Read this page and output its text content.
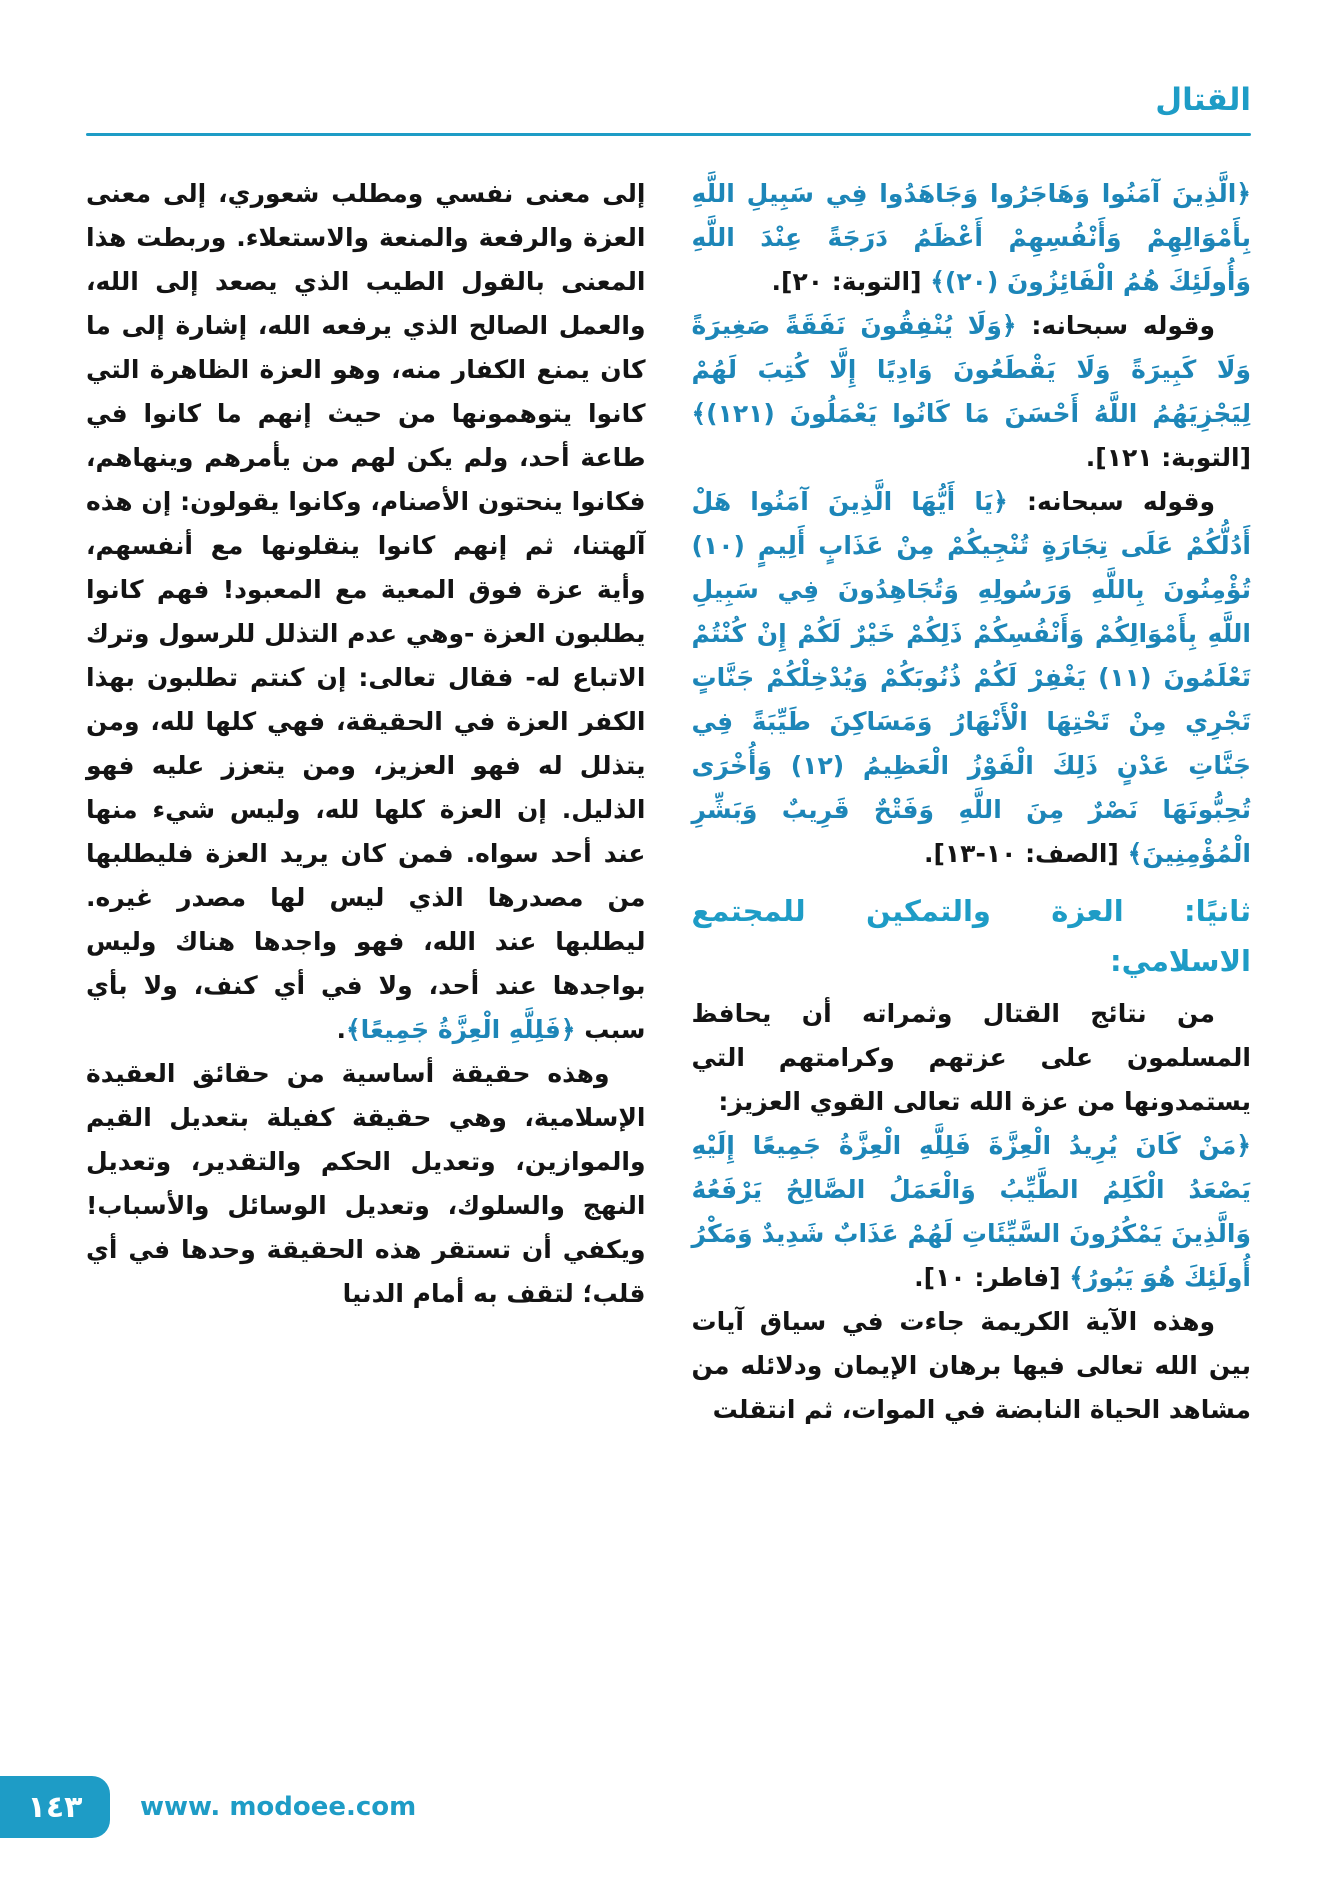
القتال

﴿الَّذِينَ آمَنُوا وَهَاجَرُوا وَجَاهَدُوا فِي سَبِيلِ اللَّهِ بِأَمْوَالِهِمْ وَأَنْفُسِهِمْ أَعْظَمُ دَرَجَةً عِنْدَ اللَّهِ وَأُولَئِكَ هُمُ الْفَائِزُونَ (٢٠)﴾ [التوبة: ٢٠].

وقوله سبحانه: ﴿وَلَا يُنْفِقُونَ نَفَقَةً صَغِيرَةً وَلَا كَبِيرَةً وَلَا يَقْطَعُونَ وَادِيًا إِلَّا كُتِبَ لَهُمْ لِيَجْزِيَهُمُ اللَّهُ أَحْسَنَ مَا كَانُوا يَعْمَلُونَ (١٢١)﴾ [التوبة: ١٢١].

وقوله سبحانه: ﴿يَا أَيُّهَا الَّذِينَ آمَنُوا هَلْ أَدُلُّكُمْ عَلَى تِجَارَةٍ تُنْجِيكُمْ مِنْ عَذَابٍ أَلِيمٍ (١٠) تُؤْمِنُونَ بِاللَّهِ وَرَسُولِهِ وَتُجَاهِدُونَ فِي سَبِيلِ اللَّهِ بِأَمْوَالِكُمْ وَأَنْفُسِكُمْ ذَلِكُمْ خَيْرٌ لَكُمْ إِنْ كُنْتُمْ تَعْلَمُونَ (١١) يَغْفِرْ لَكُمْ ذُنُوبَكُمْ وَيُدْخِلْكُمْ جَنَّاتٍ تَجْرِي مِنْ تَحْتِهَا الْأَنْهَارُ وَمَسَاكِنَ طَيِّبَةً فِي جَنَّاتِ عَدْنٍ ذَلِكَ الْفَوْزُ الْعَظِيمُ (١٢) وَأُخْرَى تُحِبُّونَهَا نَصْرٌ مِنَ اللَّهِ وَفَتْحٌ قَرِيبٌ وَبَشِّرِ الْمُؤْمِنِينَ﴾ [الصف: ١٠-١٣].

ثانيًا: العزة والتمكين للمجتمع الاسلامي:

من نتائج القتال وثمراته أن يحافظ المسلمون على عزتهم وكرامتهم التي يستمدونها من عزة الله تعالى القوي العزيز:

﴿مَنْ كَانَ يُرِيدُ الْعِزَّةَ فَلِلَّهِ الْعِزَّةُ جَمِيعًا إِلَيْهِ يَصْعَدُ الْكَلِمُ الطَّيِّبُ وَالْعَمَلُ الصَّالِحُ يَرْفَعُهُ وَالَّذِينَ يَمْكُرُونَ السَّيِّئَاتِ لَهُمْ عَذَابٌ شَدِيدٌ وَمَكْرُ أُولَئِكَ هُوَ يَبُورُ﴾ [فاطر: ١٠].

وهذه الآية الكريمة جاءت في سياق آيات بين الله تعالى فيها برهان الإيمان ودلائله من مشاهد الحياة النابضة في الموات، ثم انتقلت

إلى معنى نفسي ومطلب شعوري، إلى معنى العزة والرفعة والمنعة والاستعلاء. وربطت هذا المعنى بالقول الطيب الذي يصعد إلى الله، والعمل الصالح الذي يرفعه الله، إشارة إلى ما كان يمنع الكفار منه، وهو العزة الظاهرة التي كانوا يتوهمونها من حيث إنهم ما كانوا في طاعة أحد، ولم يكن لهم من يأمرهم وينهاهم، فكانوا ينحتون الأصنام، وكانوا يقولون: إن هذه آلهتنا، ثم إنهم كانوا ينقلونها مع أنفسهم، وأية عزة فوق المعية مع المعبود! فهم كانوا يطلبون العزة -وهي عدم التذلل للرسول وترك الاتباع له- فقال تعالى: إن كنتم تطلبون بهذا الكفر العزة في الحقيقة، فهي كلها لله، ومن يتذلل له فهو العزيز، ومن يتعزز عليه فهو الذليل. إن العزة كلها لله، وليس شيء منها عند أحد سواه. فمن كان يريد العزة فليطلبها من مصدرها الذي ليس لها مصدر غيره. ليطلبها عند الله، فهو واجدها هناك وليس بواجدها عند أحد، ولا في أي كنف، ولا بأي سبب ﴿فَلِلَّهِ الْعِزَّةُ جَمِيعًا﴾.

وهذه حقيقة أساسية من حقائق العقيدة الإسلامية، وهي حقيقة كفيلة بتعديل القيم والموازين، وتعديل الحكم والتقدير، وتعديل النهج والسلوك، وتعديل الوسائل والأسباب! ويكفي أن تستقر هذه الحقيقة وحدها في أي قلب؛ لتقف به أمام الدنيا

١٤٣ www. modoee.com
